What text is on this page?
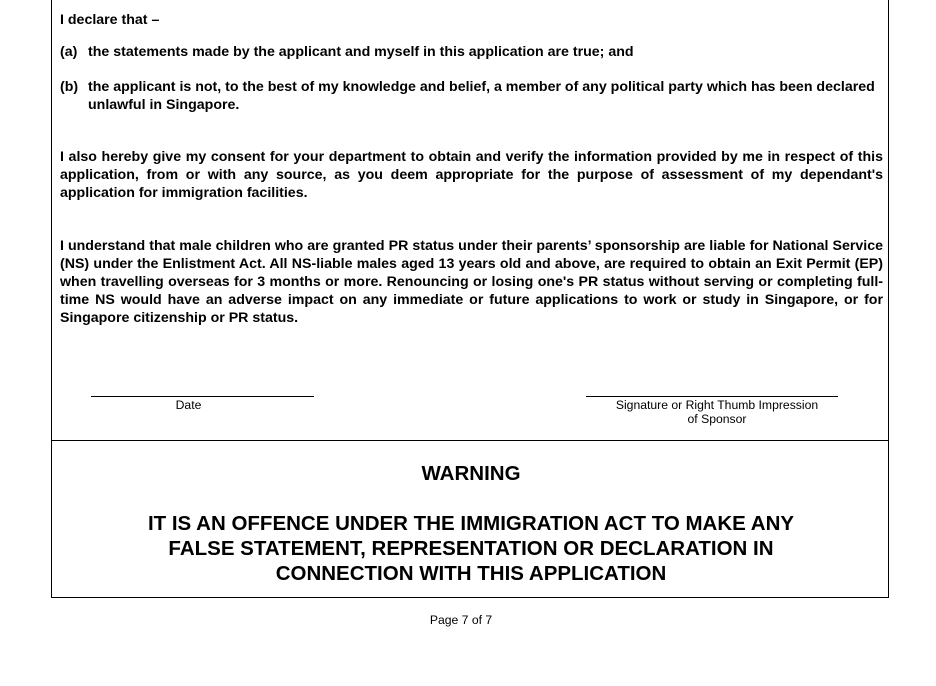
I declare that –

(a) the statements made by the applicant and myself in this application are true; and

(b) the applicant is not, to the best of my knowledge and belief, a member of any political party which has been declared unlawful in Singapore.

I also hereby give my consent for your department to obtain and verify the information provided by me in respect of this application, from or with any source, as you deem appropriate for the purpose of assessment of my dependant's application for immigration facilities.

I understand that male children who are granted PR status under their parents’ sponsorship are liable for National Service (NS) under the Enlistment Act. All NS-liable males aged 13 years old and above, are required to obtain an Exit Permit (EP) when travelling overseas for 3 months or more. Renouncing or losing one's PR status without serving or completing full-time NS would have an adverse impact on any immediate or future applications to work or study in Singapore, or for Singapore citizenship or PR status.

Date	Signature or Right Thumb Impression
of Sponsor
WARNING
IT IS AN OFFENCE UNDER THE IMMIGRATION ACT TO MAKE ANY
FALSE STATEMENT, REPRESENTATION OR DECLARATION IN
CONNECTION WITH THIS APPLICATION
Page 7 of 7
